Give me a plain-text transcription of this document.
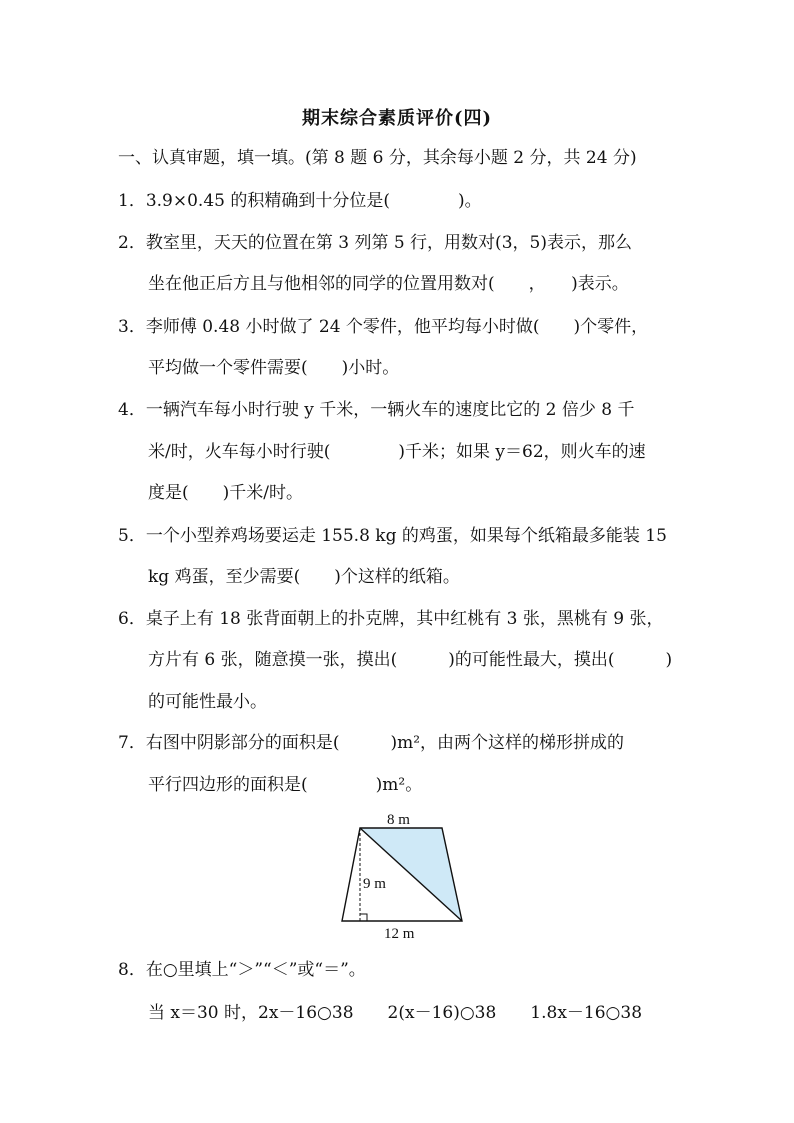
期末综合素质评价(四)
一、认真审题，填一填。(第 8 题 6 分，其余每小题 2 分，共 24 分)
1．3.9×0.45 的积精确到十分位是(　　　　)。
2．教室里，天天的位置在第 3 列第 5 行，用数对(3，5)表示，那么
坐在他正后方且与他相邻的同学的位置用数对(　　，　　)表示。
3．李师傅 0.48 小时做了 24 个零件，他平均每小时做(　　)个零件，
平均做一个零件需要(　　)小时。
4．一辆汽车每小时行驶 y 千米，一辆火车的速度比它的 2 倍少 8 千
米/时，火车每小时行驶(　　　　)千米；如果 y＝62，则火车的速
度是(　　)千米/时。
5．一个小型养鸡场要运走 155.8 kg 的鸡蛋，如果每个纸箱最多能装 15
kg 鸡蛋，至少需要(　　)个这样的纸箱。
6．桌子上有 18 张背面朝上的扑克牌，其中红桃有 3 张，黑桃有 9 张，
方片有 6 张，随意摸一张，摸出(　　　)的可能性最大，摸出(　　　)
的可能性最小。
7．右图中阴影部分的面积是(　　　)m²，由两个这样的梯形拼成的
平行四边形的面积是(　　　　)m²。
8 m
9 m
12 m
8．在○里填上“＞”“＜”或“＝”。
当 x＝30 时，2x－16○38　　2(x－16)○38　　1.8x－16○38
